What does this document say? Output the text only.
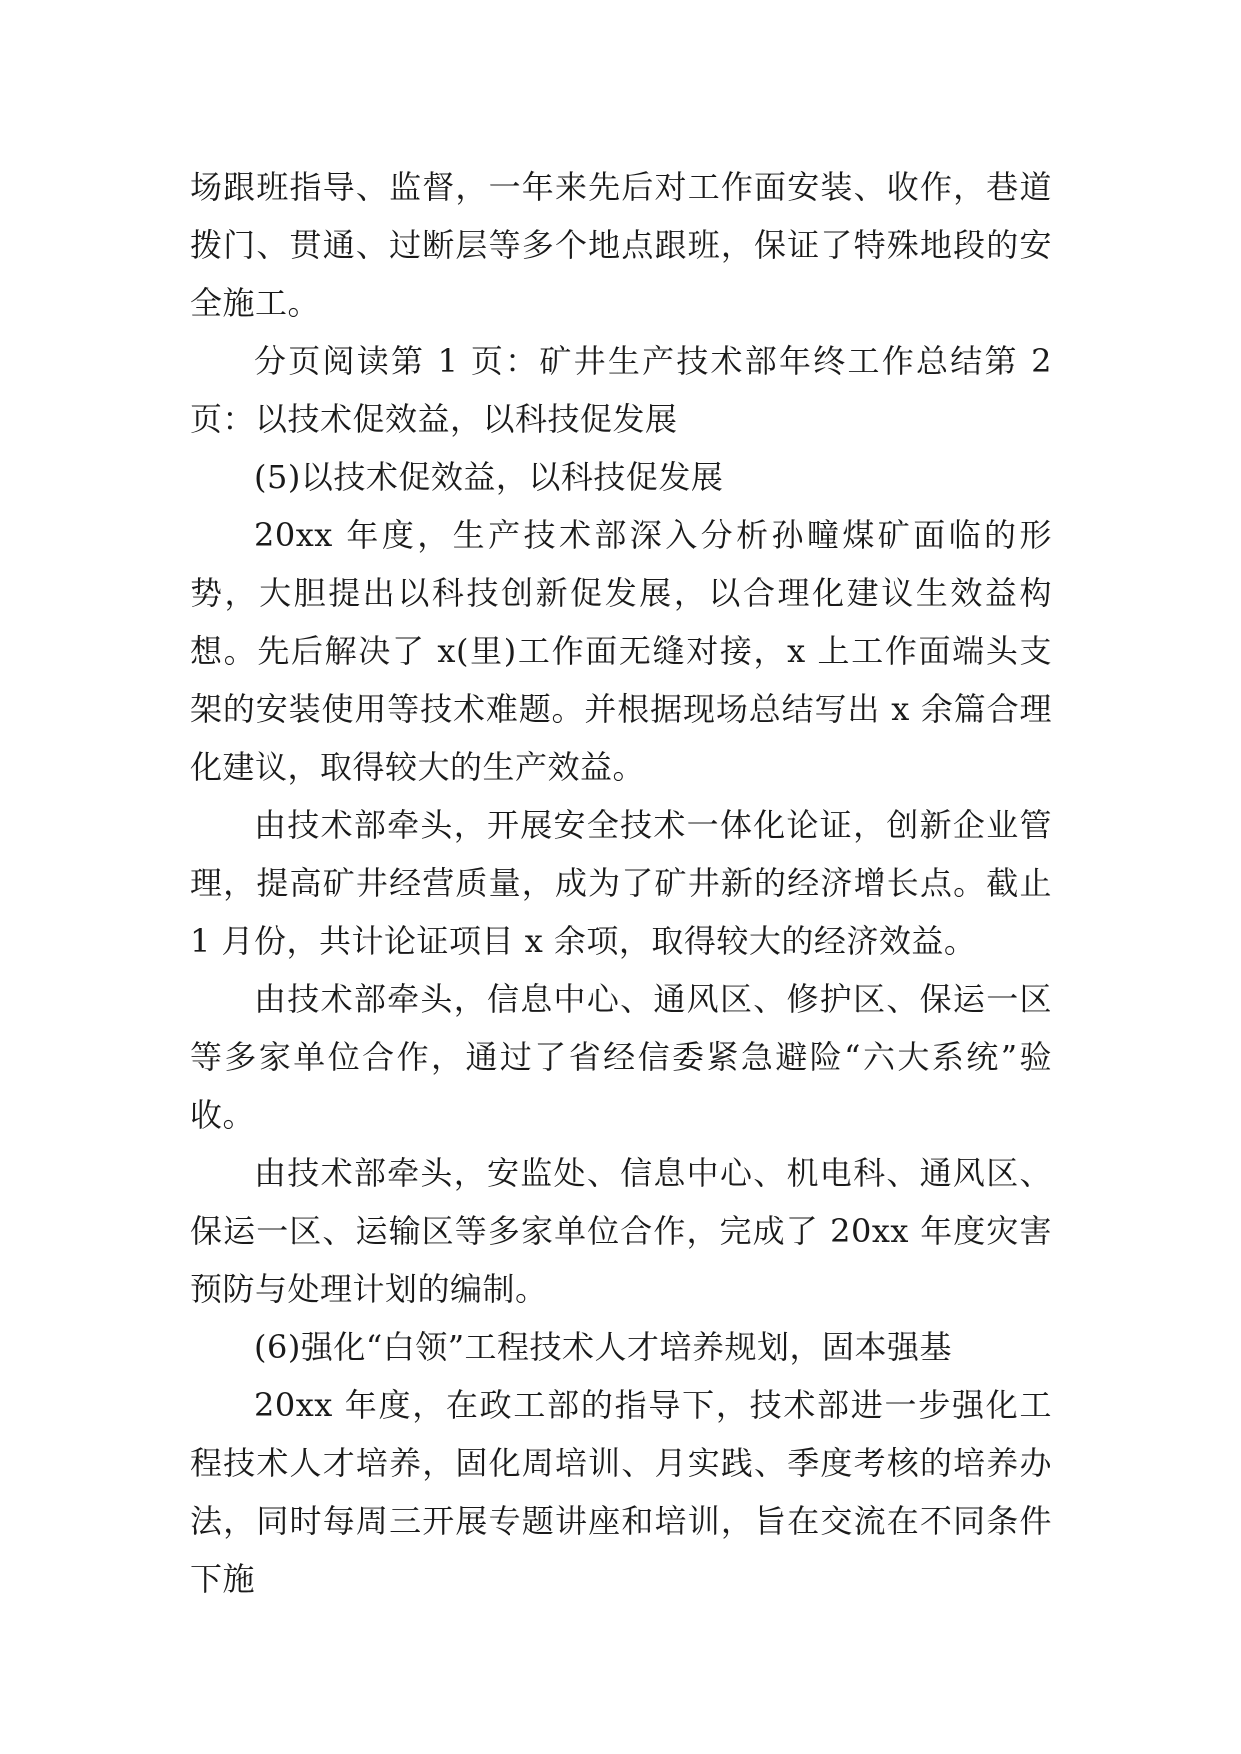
场跟班指导、监督，一年来先后对工作面安装、收作，巷道拨门、贯通、过断层等多个地点跟班，保证了特殊地段的安全施工。

分页阅读第 1 页：矿井生产技术部年终工作总结第 2 页：以技术促效益，以科技促发展

(5)以技术促效益，以科技促发展

20xx 年度，生产技术部深入分析孙疃煤矿面临的形势，大胆提出以科技创新促发展，以合理化建议生效益构想。先后解决了 x(里)工作面无缝对接，x 上工作面端头支架的安装使用等技术难题。并根据现场总结写出 x 余篇合理化建议，取得较大的生产效益。

由技术部牵头，开展安全技术一体化论证，创新企业管理，提高矿井经营质量，成为了矿井新的经济增长点。截止 1 月份，共计论证项目 x 余项，取得较大的经济效益。

由技术部牵头，信息中心、通风区、修护区、保运一区等多家单位合作，通过了省经信委紧急避险“六大系统”验收。

由技术部牵头，安监处、信息中心、机电科、通风区、保运一区、运输区等多家单位合作，完成了 20xx 年度灾害预防与处理计划的编制。

(6)强化“白领”工程技术人才培养规划，固本强基

20xx 年度，在政工部的指导下，技术部进一步强化工程技术人才培养，固化周培训、月实践、季度考核的培养办法，同时每周三开展专题讲座和培训，旨在交流在不同条件下施
